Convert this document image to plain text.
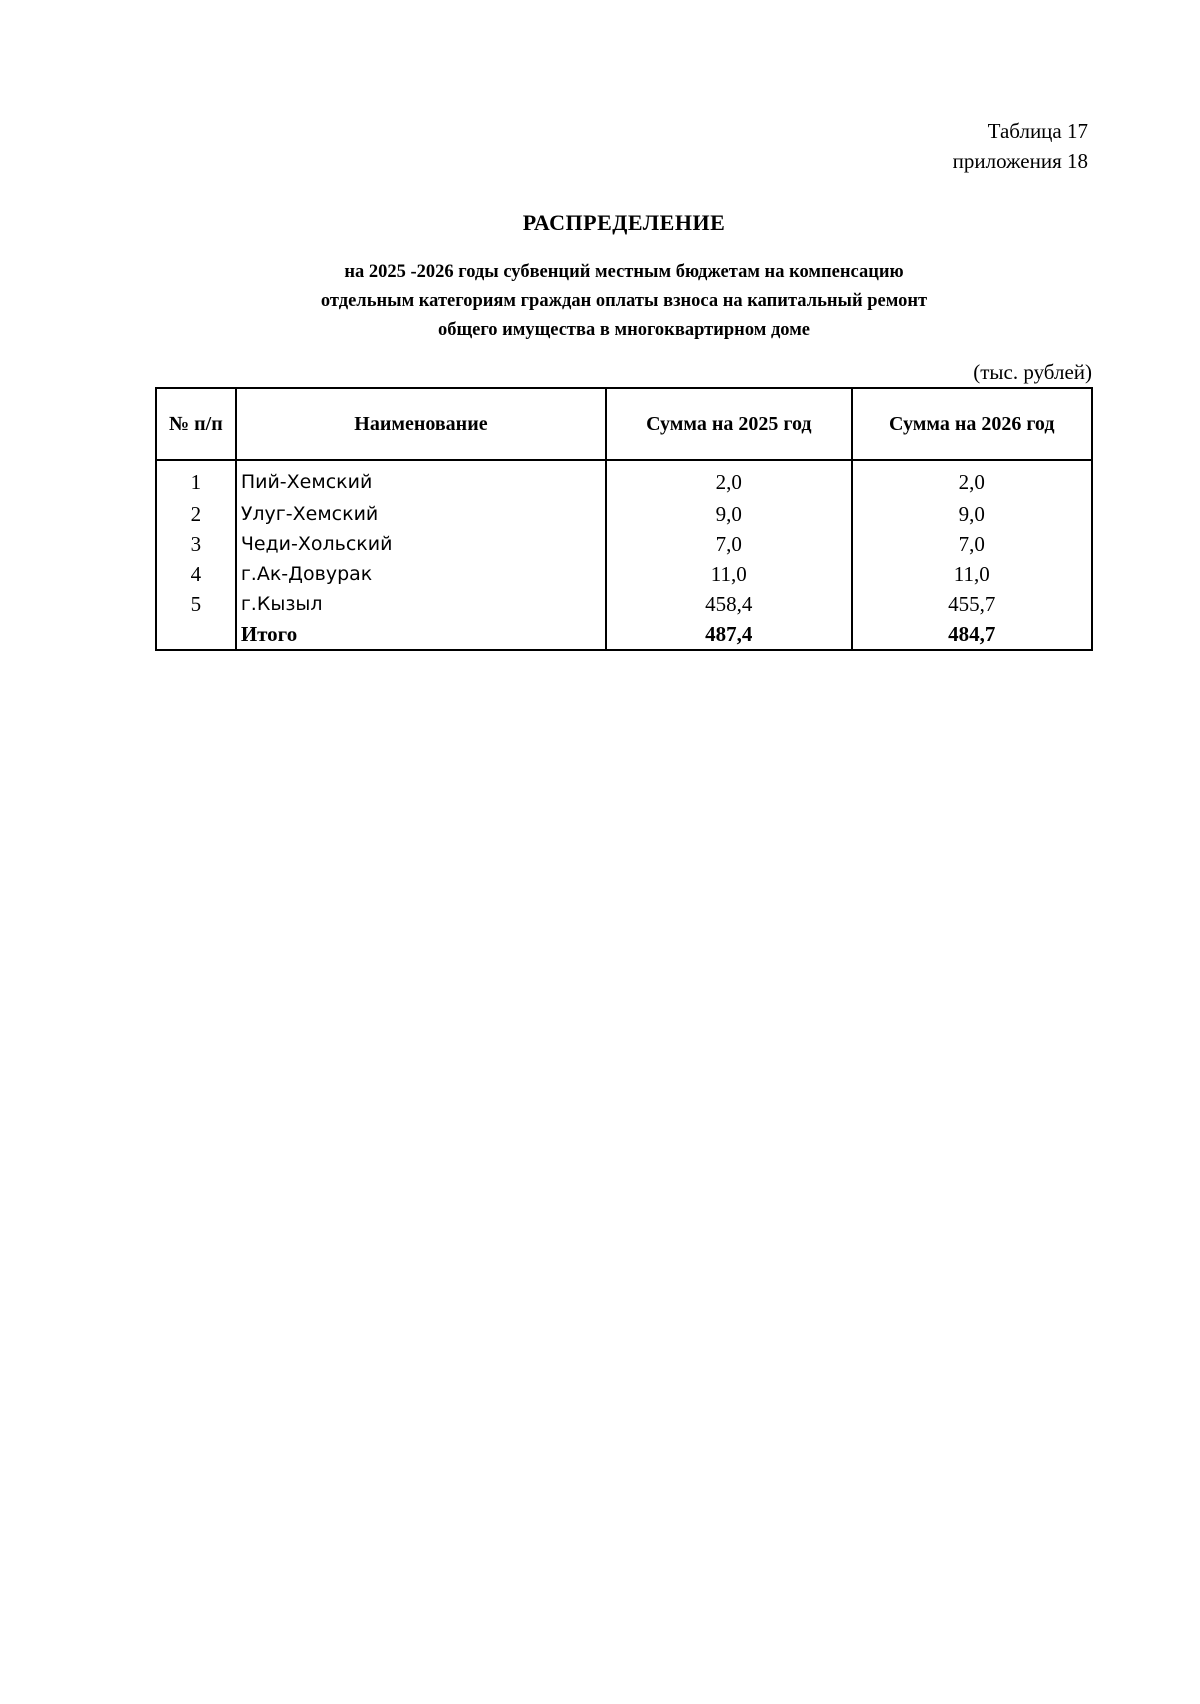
Таблица 17
приложения 18
РАСПРЕДЕЛЕНИЕ
на 2025 -2026 годы субвенций местным бюджетам на компенсацию
отдельным категориям граждан оплаты взноса на капитальный ремонт
общего имущества в многоквартирном доме
(тыс. рублей)
№ п/п	Наименование	Сумма на 2025 год	Сумма на 2026 год
1	Пий-Хемский	2,0	2,0
2	Улуг-Хемский	9,0	9,0
3	Чеди-Хольский	7,0	7,0
4	г.Ак-Довурак	11,0	11,0
5	г.Кызыл	458,4	455,7
	Итого	487,4	484,7
